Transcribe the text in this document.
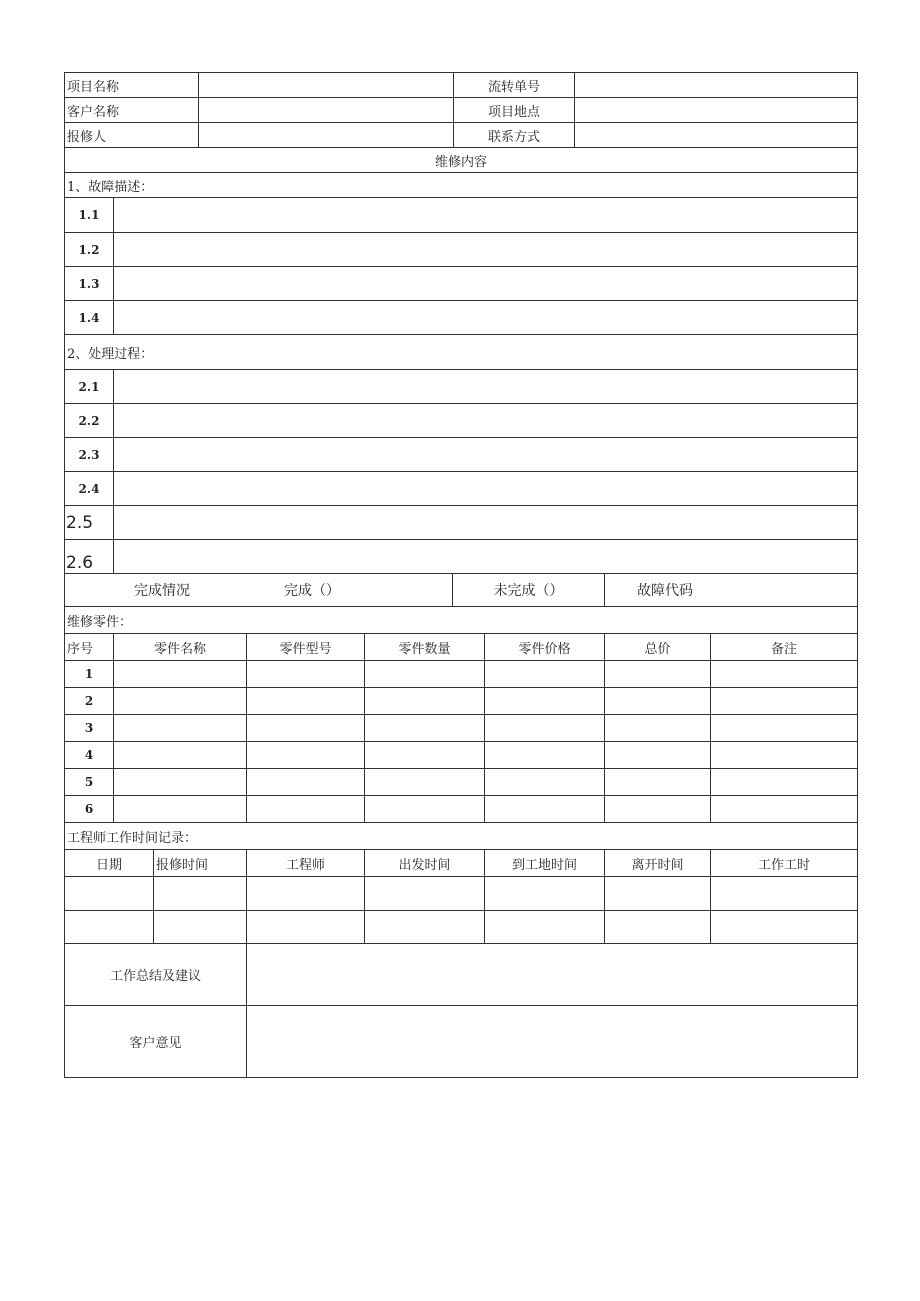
项目名称		流转单号	
客户名称		项目地点	
报修人		联系方式	
维修内容			
1、故障描述：	
1.1	
1.2	
1.3	
1.4	
2、处理过程：	
2.1	
2.2	
2.3	
2.4	
2.5	
2.6	
完成情况	完成（）	未完成（）	故障代码
维修零件：						
序号	零件名称	零件型号	零件数量	零件价格	总价	备注
1						
2						
3						
4						
5						
6						
工程师工作时间记录：						
日期	报修时间	工程师	出发时间	到工地时间	离开时间	工作工时

工作总结及建议	
客户意见	
